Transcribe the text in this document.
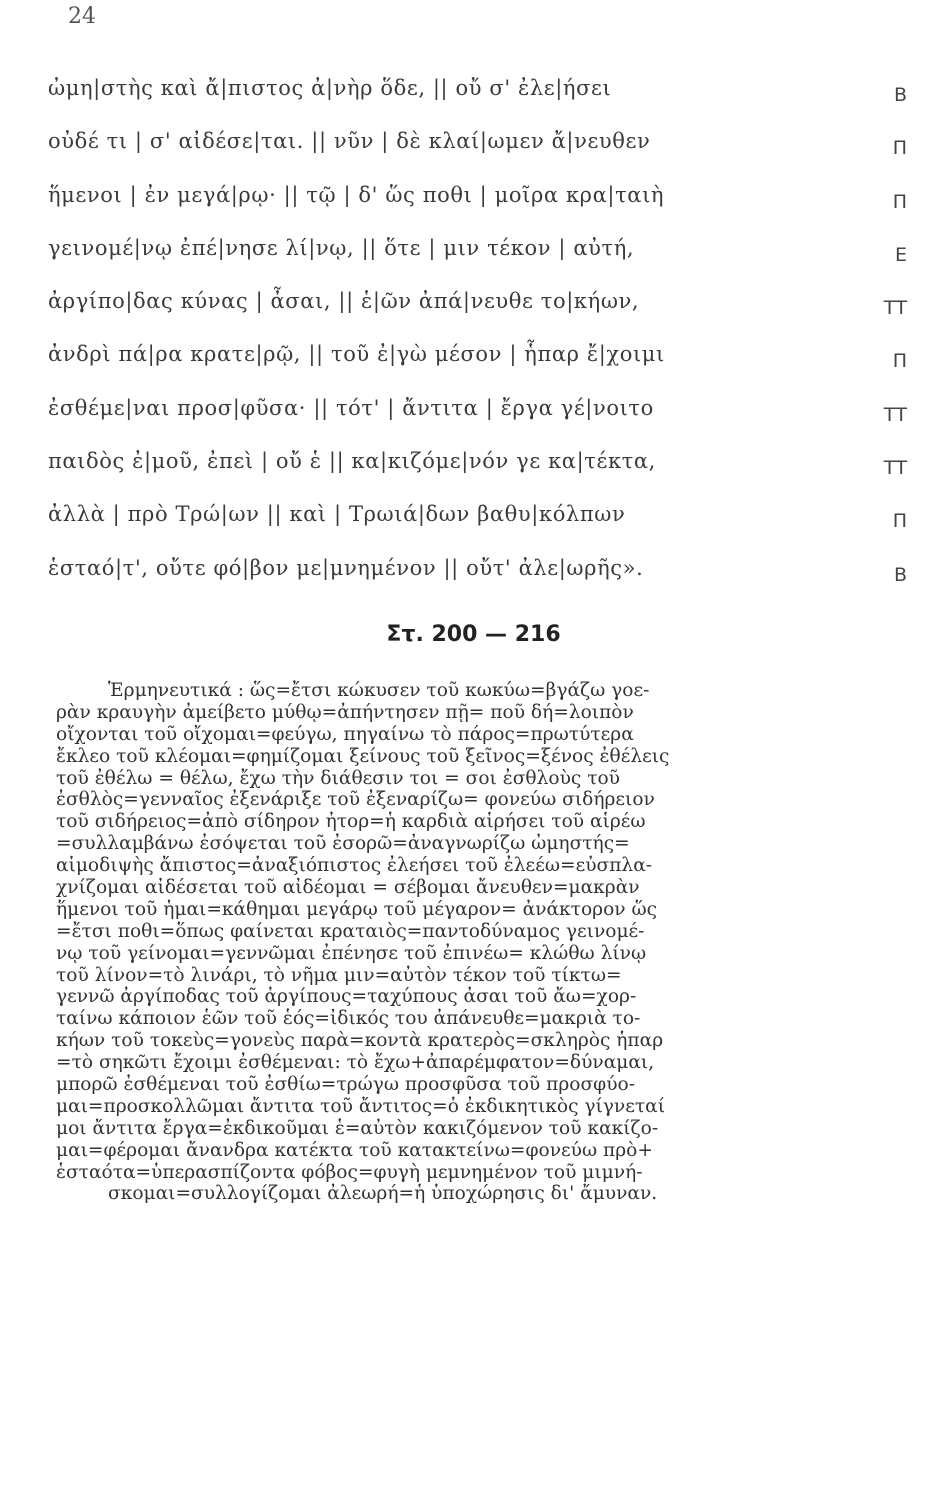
24
ὠμη|στὴς καὶ ἄ|πιστος ἀ|νὴρ ὅδε, || οὔ σ' ἐλε|ήσει	Β
οὐδέ τι | σ' αἰδέσε|ται. || νῦν | δὲ κλαί|ωμεν ἄ|νευθεν	Π
ἥμενοι | ἐν μεγά|ρῳ· || τῷ | δ' ὥς ποθι | μοῖρα κρα|ταιὴ	Π
γεινομέ|νῳ ἐπέ|νησε λί|νῳ, || ὅτε | μιν τέκον | αὐτή,	Ε
ἀργίπο|δας κύνας | ἆσαι, || ἑ|ῶν ἀπά|νευθε το|κήων,	ΤΤ
ἀνδρὶ πά|ρα κρατε|ρῷ, || τοῦ ἐ|γὼ μέσον | ἧπαρ ἔ|χοιμι	Π
ἐσθέμε|ναι προσ|φῦσα· || τότ' | ἄντιτα | ἔργα γέ|νοιτο	ΤΤ
παιδὸς ἐ|μοῦ, ἐπεὶ | οὔ ἑ || κα|κιζόμε|νόν γε κα|τέκτα,	ΤΤ
ἀλλὰ | πρὸ Τρώ|ων || καὶ | Τρωιά|δων βαθυ|κόλπων	Π
ἑσταό|τ', οὔτε φό|βον με|μνημένον || οὔτ' ἀλε|ωρῆς».	Β
Στ. 200 — 216
Ἑρμηνευτικά : ὥς=ἔτσι κώκυσεν τοῦ κωκύω=βγάζω γοε-
ρὰν κραυγὴν ἀμείβετο μύθῳ=ἀπήντησεν πῇ= ποῦ δή=λοιπὸν
οἴχονται τοῦ οἴχομαι=φεύγω, πηγαίνω τὸ πάρος=πρωτύτερα
ἔκλεο τοῦ κλέομαι=φημίζομαι ξείνους τοῦ ξεῖνος=ξένος ἐθέλεις
τοῦ ἐθέλω = θέλω, ἔχω τὴν διάθεσιν τοι = σοι ἐσθλοὺς τοῦ
ἐσθλὸς=γενναῖος ἐξενάριξε τοῦ ἐξεναρίζω= φονεύω σιδήρειον
τοῦ σιδήρειος=ἀπὸ σίδηρον ἦτορ=ἡ καρδιὰ αἱρήσει τοῦ αἱρέω
=συλλαμβάνω ἐσόψεται τοῦ ἐσορῶ=ἀναγνωρίζω ὠμηστής=
αἱμοδιψὴς ἄπιστος=ἀναξιόπιστος ἐλεήσει τοῦ ἐλεέω=εὐσπλα-
χνίζομαι αἰδέσεται τοῦ αἰδέομαι = σέβομαι ἄνευθεν=μακρὰν
ἥμενοι τοῦ ἧμαι=κάθημαι μεγάρῳ τοῦ μέγαρον= ἀνάκτορον ὥς
=ἔτσι ποθι=ὅπως φαίνεται κραταιὸς=παντοδύναμος γεινομέ-
νῳ τοῦ γείνομαι=γεννῶμαι ἐπένησε τοῦ ἐπινέω= κλώθω λίνῳ
τοῦ λίνον=τὸ λινάρι, τὸ νῆμα μιν=αὐτὸν τέκον τοῦ τίκτω=
γεννῶ ἀργίποδας τοῦ ἀργίπους=ταχύπους ἆσαι τοῦ ἄω=χορ-
ταίνω κάποιον ἑῶν τοῦ ἑός=ἰδικός του ἀπάνευθε=μακριὰ το-
κήων τοῦ τοκεὺς=γονεὺς παρὰ=κοντὰ κρατερὸς=σκληρὸς ἧπαρ
=τὸ σηκῶτι ἔχοιμι ἐσθέμεναι: τὸ ἔχω+ἀπαρέμφατον=δύναμαι,
μπορῶ ἐσθέμεναι τοῦ ἐσθίω=τρώγω προσφῦσα τοῦ προσφύο-
μαι=προσκολλῶμαι ἄντιτα τοῦ ἄντιτος=ὁ ἐκδικητικὸς γίγνεταί
μοι ἄντιτα ἔργα=ἐκδικοῦμαι ἑ=αὐτὸν κακιζόμενον τοῦ κακίζο-
μαι=φέρομαι ἄνανδρα κατέκτα τοῦ κατακτείνω=φονεύω πρὸ+
ἑσταότα=ὑπερασπίζοντα φόβος=φυγὴ μεμνημένον τοῦ μιμνή-
σκομαι=συλλογίζομαι ἀλεωρή=ἡ ὑποχώρησις δι' ἄμυναν.
